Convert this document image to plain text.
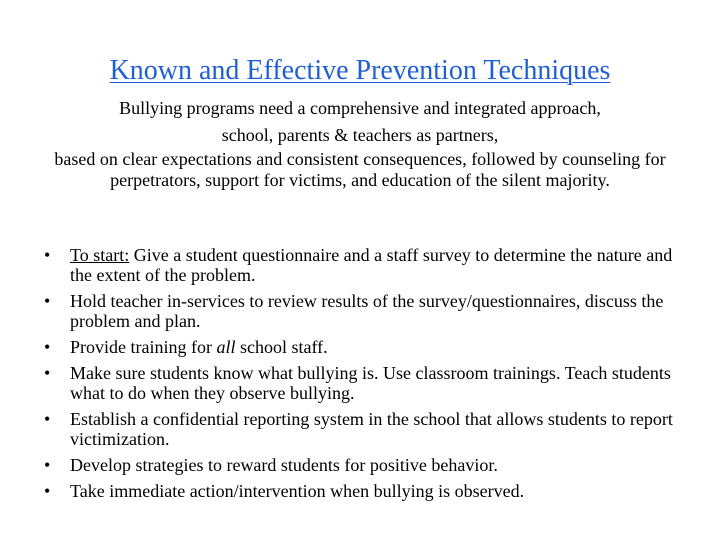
Known and Effective Prevention Techniques

Bullying programs need a comprehensive and integrated approach,

school, parents & teachers as partners,

based on clear expectations and consistent consequences, followed by counseling for perpetrators, support for victims, and education of the silent majority.

•	To start: Give a student questionnaire and a staff survey to determine the nature and the extent of the problem.
•	Hold teacher in-services to review results of the survey/questionnaires, discuss the problem and plan.
•	Provide training for all school staff.
•	Make sure students know what bullying is. Use classroom trainings. Teach students what to do when they observe bullying.
•	Establish a confidential reporting system in the school that allows students to report victimization.
•	Develop strategies to reward students for positive behavior.
•	Take immediate action/intervention when bullying is observed.
